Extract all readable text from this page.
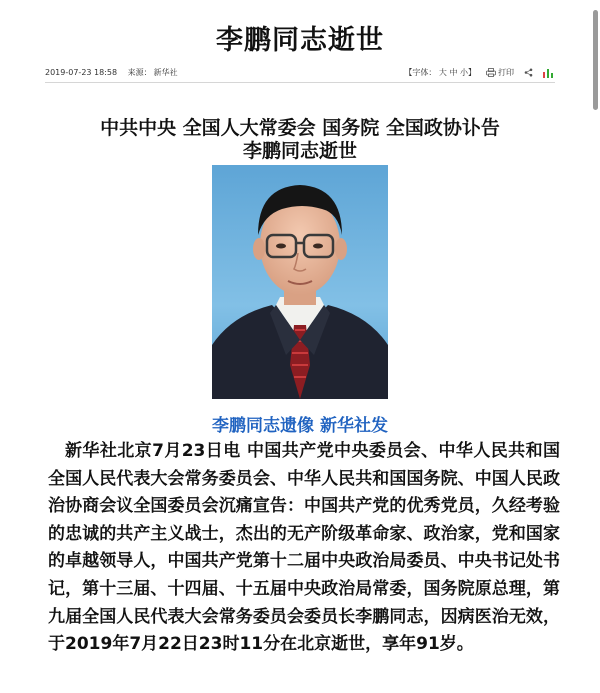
李鹏同志逝世
2019-07-23 18:58 来源： 新华社	【字体： 大 中 小】	打印
中共中央 全国人大常委会 国务院 全国政协讣告
李鹏同志逝世
李鹏同志遗像 新华社发

新华社北京7月23日电 中国共产党中央委员会、中华人民共和国全国人民代表大会常务委员会、中华人民共和国国务院、中国人民政治协商会议全国委员会沉痛宣告：中国共产党的优秀党员，久经考验的忠诚的共产主义战士，杰出的无产阶级革命家、政治家，党和国家的卓越领导人，中国共产党第十二届中央政治局委员、中央书记处书记，第十三届、十四届、十五届中央政治局常委，国务院原总理，第九届全国人民代表大会常务委员会委员长李鹏同志，因病医治无效，于2019年7月22日23时11分在北京逝世，享年91岁。
